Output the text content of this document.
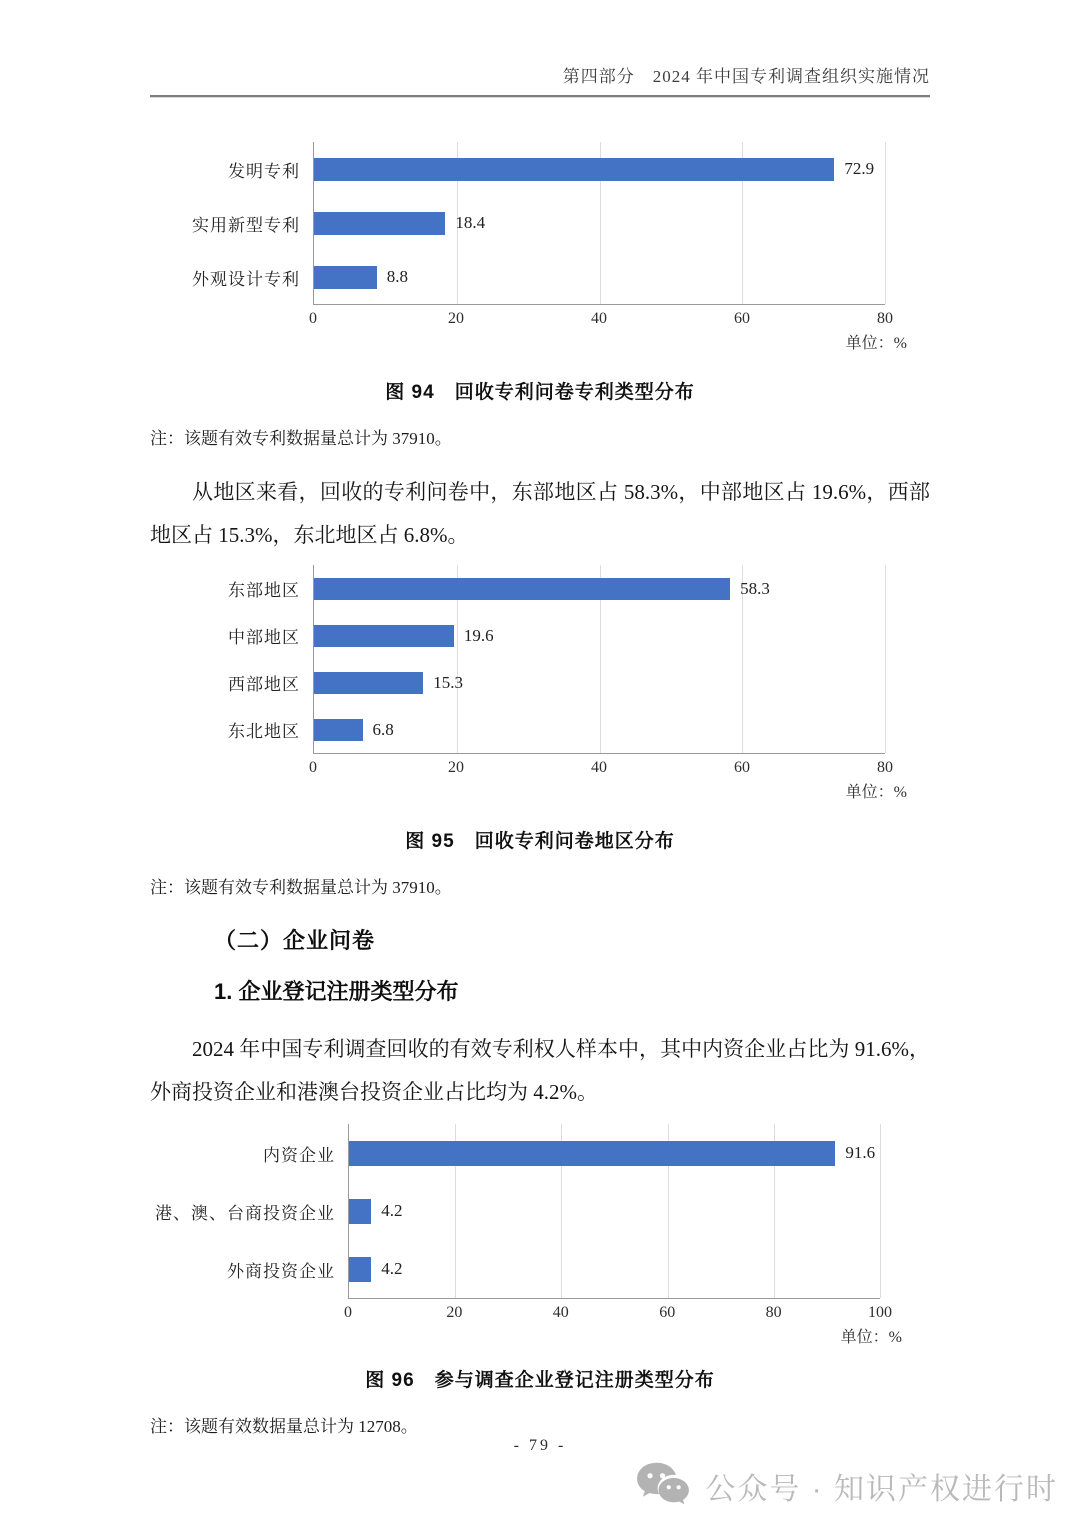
第四部分　2024 年中国专利调查组织实施情况
发明专利	72.9
实用新型专利	18.4
外观设计专利	8.8
0	20	40	60	80
单位：%
图 94　回收专利问卷专利类型分布
注：该题有效专利数据量总计为 37910。

从地区来看，回收的专利问卷中，东部地区占 58.3%，中部地区占 19.6%，西部地区占 15.3%，东北地区占 6.8%。

东部地区	58.3
中部地区	19.6
西部地区	15.3
东北地区	6.8
0	20	40	60	80
单位：%
图 95　回收专利问卷地区分布
注：该题有效专利数据量总计为 37910。
（二）企业问卷
1. 企业登记注册类型分布

2024 年中国专利调查回收的有效专利权人样本中，其中内资企业占比为 91.6%，外商投资企业和港澳台投资企业占比均为 4.2%。

内资企业	91.6
港、澳、台商投资企业	4.2
外商投资企业	4.2
0	20	40	60	80	100
单位：%
图 96　参与调查企业登记注册类型分布
注：该题有效数据量总计为 12708。
- 79 -
公众号 · 知识产权进行时
